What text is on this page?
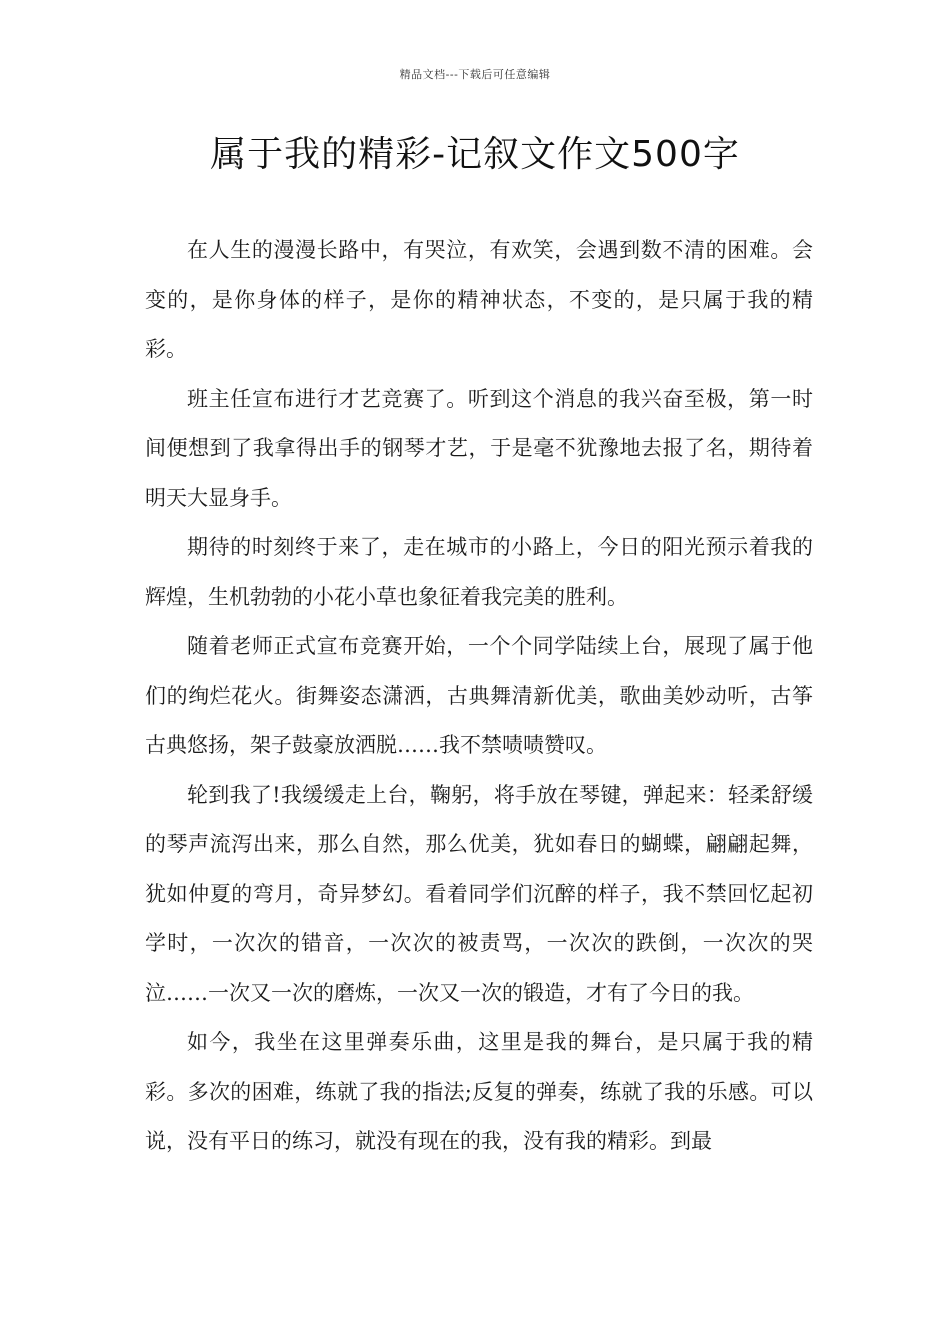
精品文档---下载后可任意编辑
属于我的精彩-记叙文作文500字

在人生的漫漫长路中，有哭泣，有欢笑，会遇到数不清的困难。会变的，是你身体的样子，是你的精神状态，不变的，是只属于我的精彩。

班主任宣布进行才艺竞赛了。听到这个消息的我兴奋至极，第一时间便想到了我拿得出手的钢琴才艺，于是毫不犹豫地去报了名，期待着明天大显身手。

期待的时刻终于来了，走在城市的小路上，今日的阳光预示着我的辉煌，生机勃勃的小花小草也象征着我完美的胜利。

随着老师正式宣布竞赛开始，一个个同学陆续上台，展现了属于他们的绚烂花火。街舞姿态潇洒，古典舞清新优美，歌曲美妙动听，古筝古典悠扬，架子鼓豪放洒脱……我不禁啧啧赞叹。

轮到我了!我缓缓走上台，鞠躬，将手放在琴键，弹起来：轻柔舒缓的琴声流泻出来，那么自然，那么优美，犹如春日的蝴蝶，翩翩起舞，犹如仲夏的弯月，奇异梦幻。看着同学们沉醉的样子，我不禁回忆起初学时，一次次的错音，一次次的被责骂，一次次的跌倒，一次次的哭泣……一次又一次的磨炼，一次又一次的锻造，才有了今日的我。

如今，我坐在这里弹奏乐曲，这里是我的舞台，是只属于我的精彩。多次的困难，练就了我的指法;反复的弹奏，练就了我的乐感。可以说，没有平日的练习，就没有现在的我，没有我的精彩。到最
